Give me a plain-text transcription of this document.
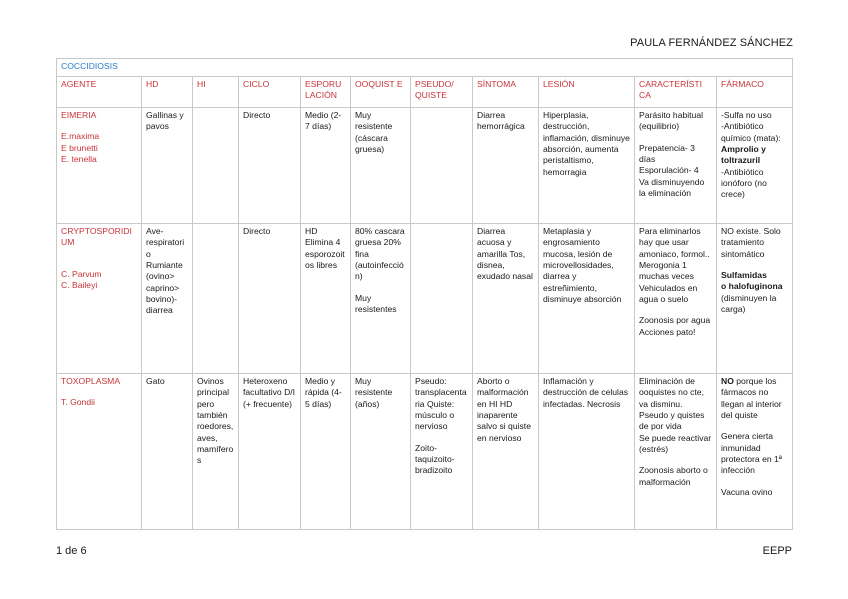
PAULA FERNÁNDEZ SÁNCHEZ
COCCIDIOSIS										
AGENTE	HD	HI	CICLO	ESPORU LACIÓN	OOQUIST E	PSEUDO/ QUISTE	SÍNTOMA	LESIÓN	CARACTERÍSTI CA	FÁRMACO

EIMERIA
E.maxima
E brunetti
E. tenella	Gallinas y pavos		Directo	Medio (2-7 días)	Muy resistente (cáscara gruesa)		Diarrea hemorrágica	Hiperplasia, destrucción, inflamación, disminuye absorción, aumenta peristaltismo, hemorragia	Parásito habitual (equilibrio)
Prepatencia- 3 días
Esporulación- 4
Va disminuyendo la eliminación	-Sulfa no uso
-Antibiótico químico (mata):
Amprolio y toltrazuril
-Antibiótico ionóforo (no crece)

CRYPTOSPORIDIUM
C. Parvum
C. Baileyi	Ave- respiratorio Rumiante (ovino> caprino> bovino)- diarrea		Directo	HD Elimina 4 esporozoitos libres	80% cascara gruesa 20% fina (autoinfección)
Muy resistentes		Diarrea acuosa y amarilla Tos, disnea, exudado nasal	Metaplasia y engrosamiento mucosa, lesión de microvellosidades, diarrea y estreñimiento, disminuye absorción	Para eliminarlos hay que usar amoniaco, formol..
Merogonia 1 muchas veces
Vehiculados en agua o suelo
Zoonosis por agua
Acciones pato!	NO existe. Solo tratamiento sintomático
Sulfamidas
o halofuginona
(disminuyen la carga)

TOXOPLASMA
T. Gondii	Gato	Ovinos principal pero también roedores, aves, mamíferos	Heteroxeno facultativo D/I (+ frecuente)	Medio y rápida (4-5 días)	Muy resistente (años)	Pseudo: transplacentaria Quiste: músculo o nervioso
Zoito- taquizoito- bradizoito	Aborto o malformación en HI HD inaparente salvo si quiste en nervioso	Inflamación y destrucción de celulas infectadas. Necrosis	Eliminación de ooquistes no cte, va disminu. Pseudo y quistes de por vida
Se puede reactivar (estrés)
Zoonosis aborto o malformación	NO porque los fármacos no llegan al interior del quiste
Genera cierta inmunidad protectora en 1ª infección
Vacuna ovino
1 de 6	EEPP
